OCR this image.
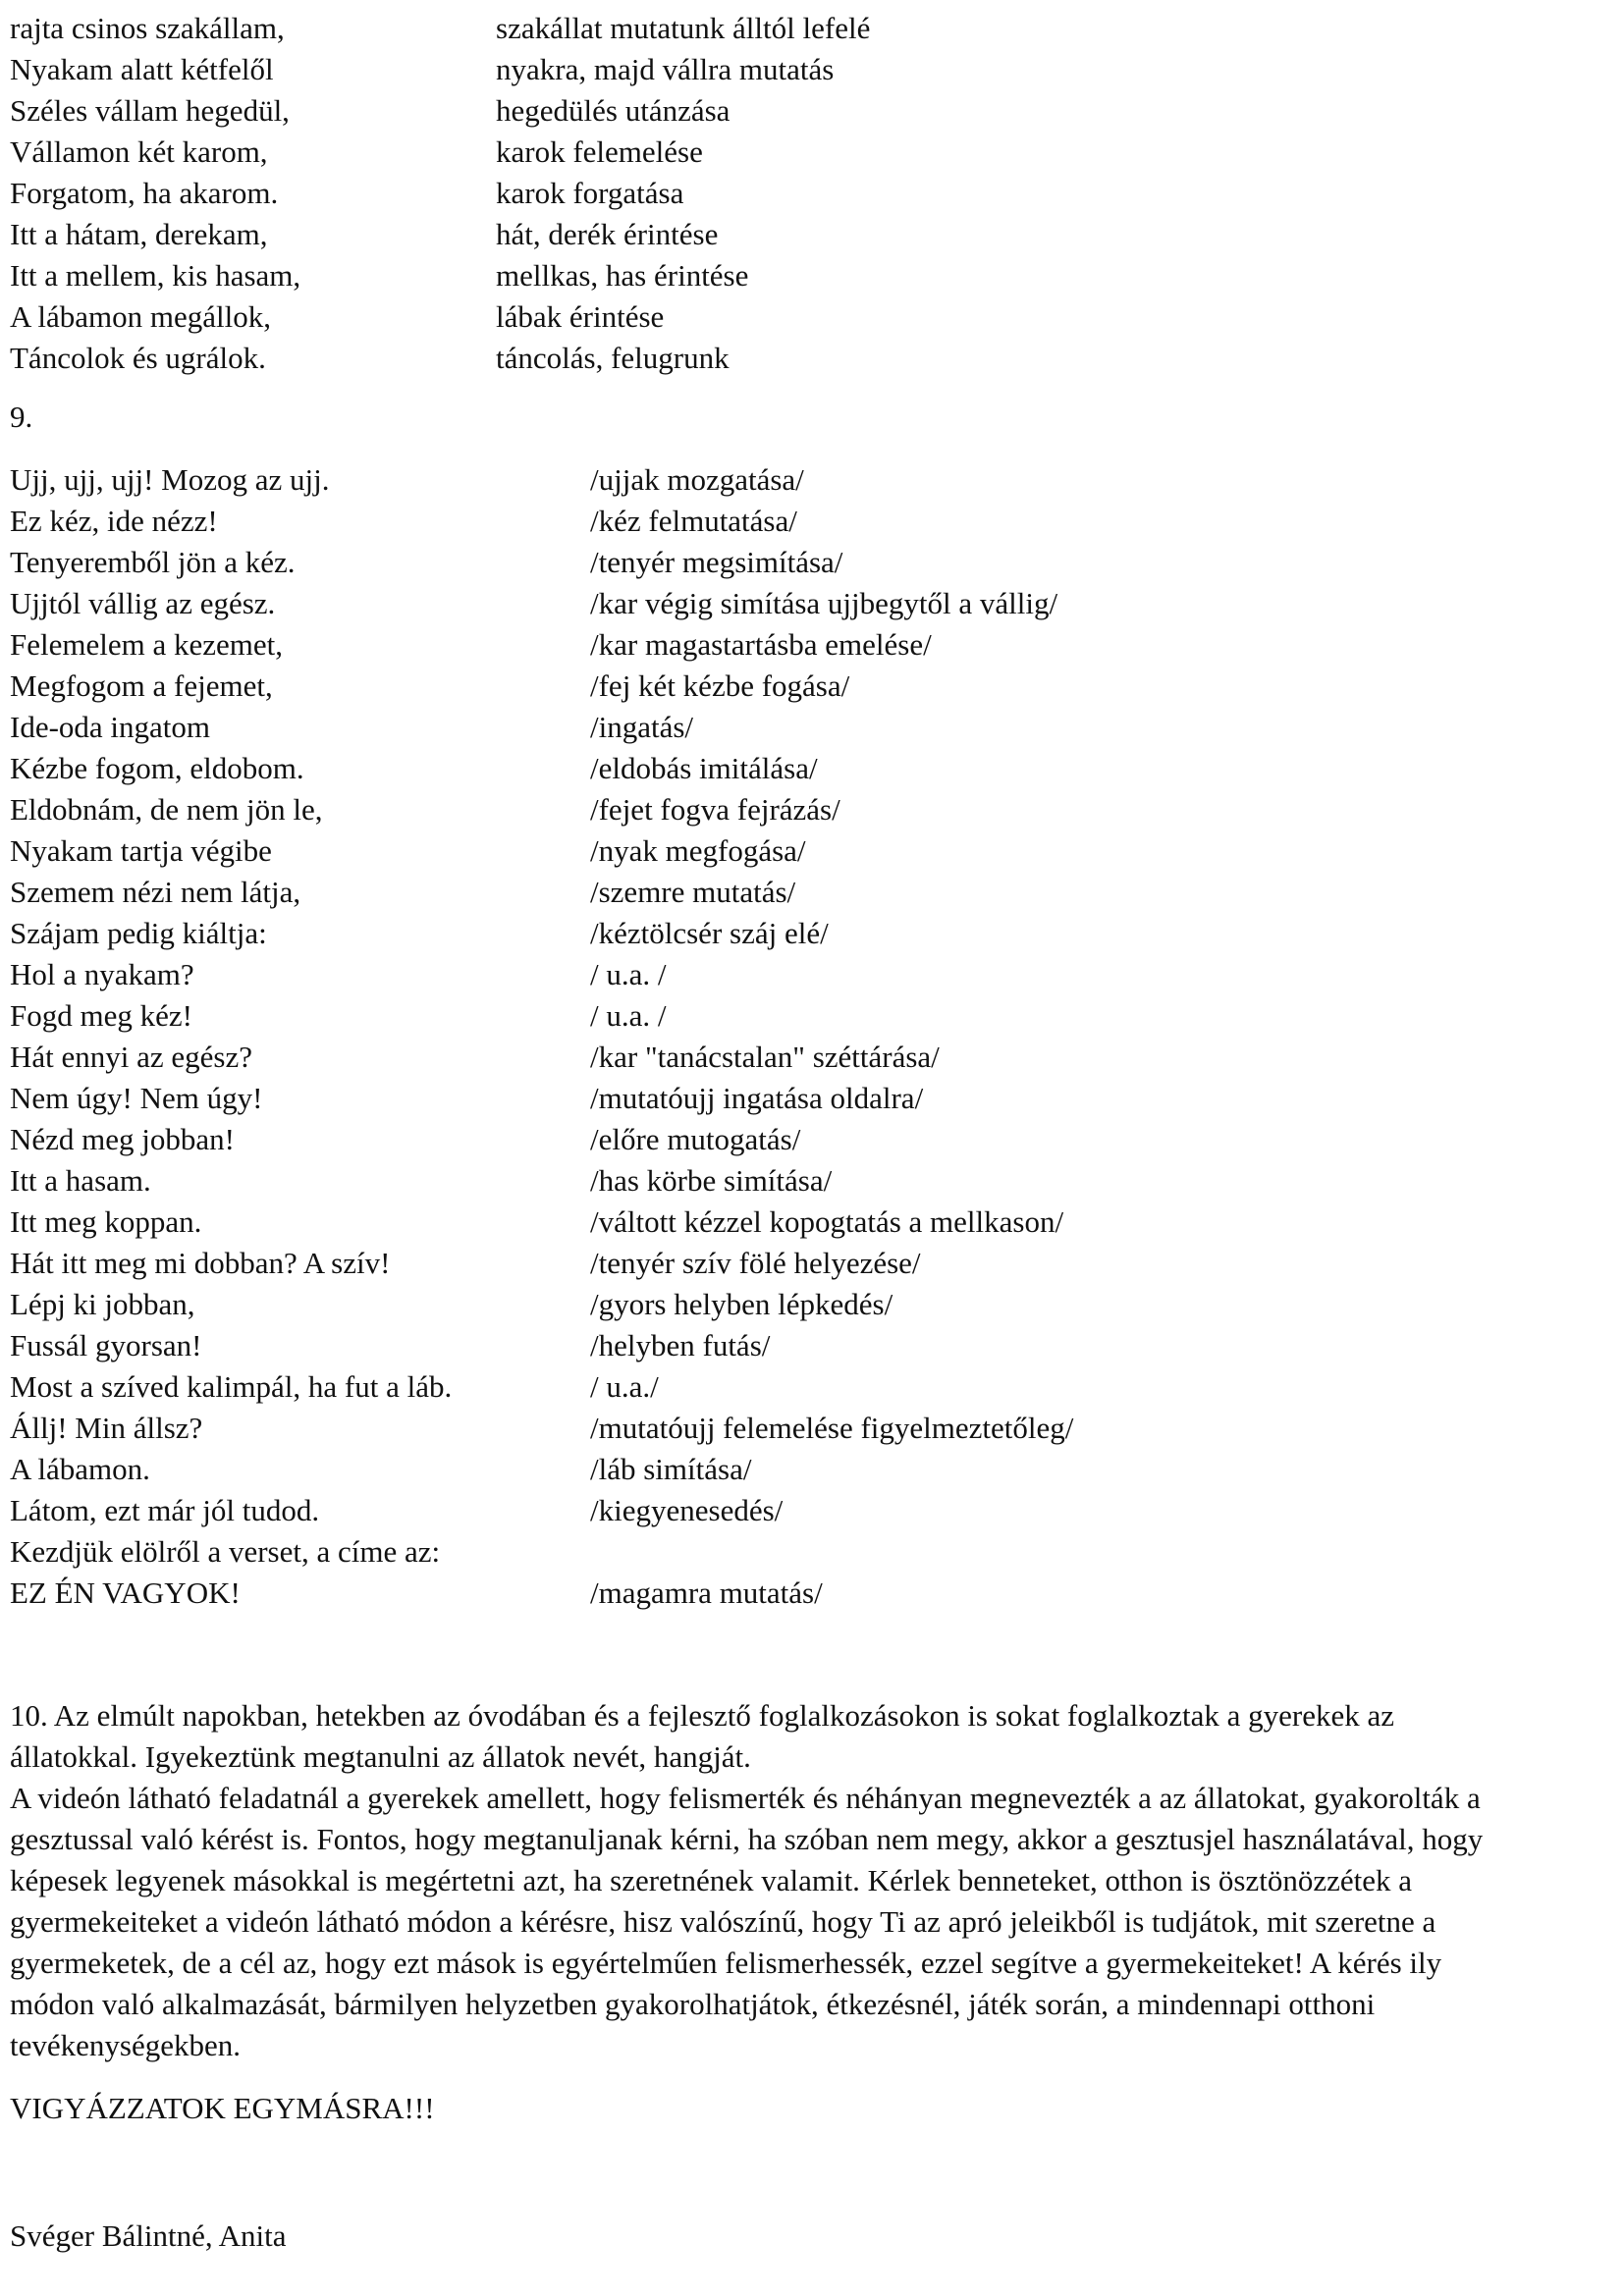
rajta csinos szakállam,	szakállat mutatunk álltól lefelé
Nyakam alatt kétfelől	nyakra, majd vállra mutatás
Széles vállam hegedül,	hegedülés utánzása
Vállamon két karom,	karok felemelése
Forgatom, ha akarom.	karok forgatása
Itt a hátam, derekam,	hát, derék érintése
Itt a mellem, kis hasam,	mellkas, has érintése
A lábamon megállok,	lábak érintése
Táncolok és ugrálok.	táncolás, felugrunk
9.
Ujj, ujj, ujj! Mozog az ujj.	/ujjak mozgatása/
Ez kéz, ide nézz!	/kéz felmutatása/
Tenyeremből jön a kéz.	/tenyér megsimítása/
Ujjtól vállig az egész.	/kar végig simítása ujjbegytől a vállig/
Felemelem a kezemet,	/kar magastartásba emelése/
Megfogom a fejemet,	/fej két kézbe fogása/
Ide-oda ingatom	/ingatás/
Kézbe fogom, eldobom.	/eldobás imitálása/
Eldobnám, de nem jön le,	/fejet fogva fejrázás/
Nyakam tartja végibe	/nyak megfogása/
Szemem nézi nem látja,	/szemre mutatás/
Szájam pedig kiáltja:	/kéztölcsér száj elé/
Hol a nyakam?	/ u.a. /
Fogd meg kéz!	/ u.a. /
Hát ennyi az egész?	/kar "tanácstalan" széttárása/
Nem úgy! Nem úgy!	/mutatóujj ingatása oldalra/
Nézd meg jobban!	/előre mutogatás/
Itt a hasam.	/has körbe simítása/
Itt meg koppan.	/váltott kézzel kopogtatás a mellkason/
Hát itt meg mi dobban? A szív!	/tenyér szív fölé helyezése/
Lépj ki jobban,	/gyors helyben lépkedés/
Fussál gyorsan!	/helyben futás/
Most a szíved kalimpál, ha fut a láb.	/ u.a./
Állj! Min állsz?	/mutatóujj felemelése figyelmeztetőleg/
A lábamon.	/láb simítása/
Látom, ezt már jól tudod.	/kiegyenesedés/
Kezdjük elölről a verset, a címe az:
EZ ÉN VAGYOK!	/magamra mutatás/

10. Az elmúlt napokban, hetekben az óvodában és a fejlesztő foglalkozásokon is sokat foglalkoztak a gyerekek az állatokkal. Igyekeztünk megtanulni az állatok nevét, hangját.

A videón látható feladatnál a gyerekek amellett, hogy felismerték és néhányan megnevezték a az állatokat, gyakorolták a gesztussal való kérést is. Fontos, hogy megtanuljanak kérni, ha szóban nem megy, akkor a gesztusjel használatával, hogy képesek legyenek másokkal is megértetni azt, ha szeretnének valamit. Kérlek benneteket, otthon is ösztönözzétek a gyermekeiteket a videón látható módon a kérésre, hisz valószínű, hogy Ti az apró jeleikből is tudjátok, mit szeretne a gyermeketek, de a cél az, hogy ezt mások is egyértelműen felismerhessék, ezzel segítve a gyermekeiteket! A kérés ily módon való alkalmazását, bármilyen helyzetben gyakorolhatjátok, étkezésnél, játék során, a mindennapi otthoni tevékenységekben.

VIGYÁZZATOK EGYMÁSRA!!!
Svéger Bálintné, Anita
